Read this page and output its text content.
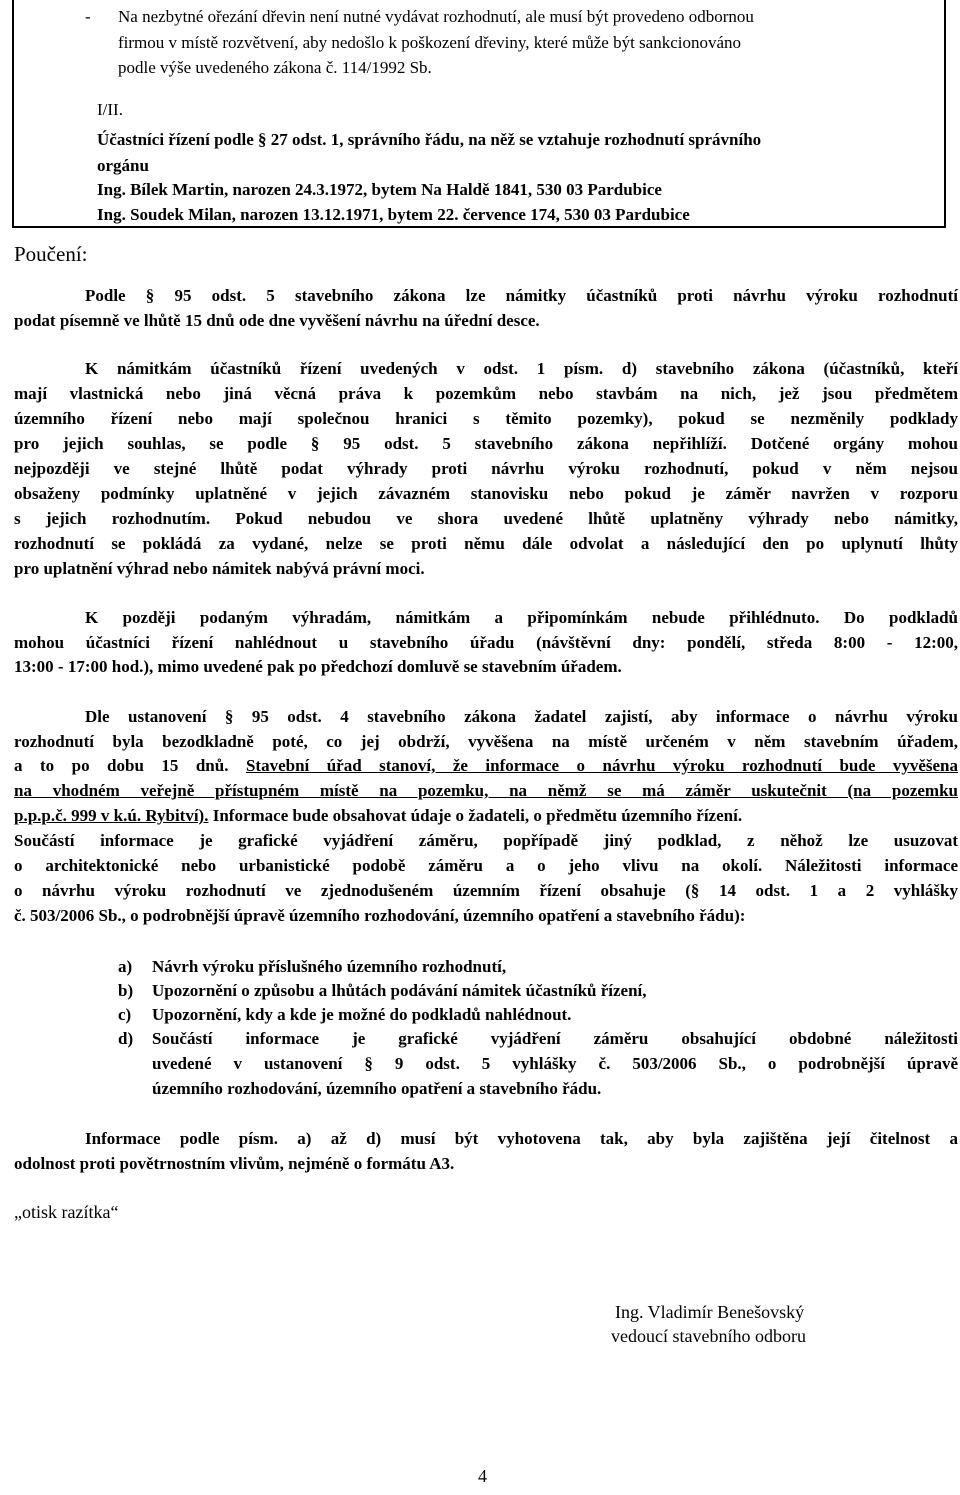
- Na nezbytné ořezání dřevin není nutné vydávat rozhodnutí, ale musí být provedeno odbornou
firmou v místě rozvětvení, aby nedošlo k poškození dřeviny, které může být sankcionováno
podle výše uvedeného zákona č. 114/1992 Sb.
I/II.
Účastníci řízení podle § 27 odst. 1, správního řádu, na něž se vztahuje rozhodnutí správního
orgánu
Ing. Bílek Martin, narozen 24.3.1972, bytem Na Haldě 1841, 530 03 Pardubice
Ing. Soudek Milan, narozen 13.12.1971, bytem 22. července 174, 530 03 Pardubice
Poučení:
Podle § 95 odst. 5 stavebního zákona lze námitky účastníků proti návrhu výroku rozhodnutí
podat písemně ve lhůtě 15 dnů ode dne vyvěšení návrhu na úřední desce.
K námitkám účastníků řízení uvedených v odst. 1 písm. d) stavebního zákona (účastníků, kteří
mají vlastnická nebo jiná věcná práva k pozemkům nebo stavbám na nich, jež jsou předmětem
územního řízení nebo mají společnou hranici s těmito pozemky), pokud se nezměnily podklady
pro jejich souhlas, se podle § 95 odst. 5 stavebního zákona nepřihlíží. Dotčené orgány mohou
nejpozději ve stejné lhůtě podat výhrady proti návrhu výroku rozhodnutí, pokud v něm nejsou
obsaženy podmínky uplatněné v jejich závazném stanovisku nebo pokud je záměr navržen v rozporu
s jejich rozhodnutím. Pokud nebudou ve shora uvedené lhůtě uplatněny výhrady nebo námitky,
rozhodnutí se pokládá za vydané, nelze se proti němu dále odvolat a následující den po uplynutí lhůty
pro uplatnění výhrad nebo námitek nabývá právní moci.
K později podaným výhradám, námitkám a připomínkám nebude přihlédnuto. Do podkladů
mohou účastníci řízení nahlédnout u stavebního úřadu (návštěvní dny: pondělí, středa 8:00 - 12:00,
13:00 - 17:00 hod.), mimo uvedené pak po předchozí domluvě se stavebním úřadem.
Dle ustanovení § 95 odst. 4 stavebního zákona žadatel zajistí, aby informace o návrhu výroku
rozhodnutí byla bezodkladně poté, co jej obdrží, vyvěšena na místě určeném v něm stavebním úřadem,
a to po dobu 15 dnů. Stavební úřad stanoví, že informace o návrhu výroku rozhodnutí bude vyvěšena
na vhodném veřejně přístupném místě na pozemku, na němž se má záměr uskutečnit (na pozemku
p.p.p.č. 999 v k.ú. Rybitví). Informace bude obsahovat údaje o žadateli, o předmětu územního řízení.
Součástí informace je grafické vyjádření záměru, popřípadě jiný podklad, z něhož lze usuzovat
o architektonické nebo urbanistické podobě záměru a o jeho vlivu na okolí. Náležitosti informace
o návrhu výroku rozhodnutí ve zjednodušeném územním řízení obsahuje (§ 14 odst. 1 a 2 vyhlášky
č. 503/2006 Sb., o podrobnější úpravě územního rozhodování, územního opatření a stavebního řádu):
a) Návrh výroku příslušného územního rozhodnutí,
b) Upozornění o způsobu a lhůtách podávání námitek účastníků řízení,
c) Upozornění, kdy a kde je možné do podkladů nahlédnout.
d) Součástí informace je grafické vyjádření záměru obsahující obdobné náležitosti
uvedené v ustanovení § 9 odst. 5 vyhlášky č. 503/2006 Sb., o podrobnější úpravě
územního rozhodování, územního opatření a stavebního řádu.
Informace podle písm. a) až d) musí být vyhotovena tak, aby byla zajištěna její čitelnost a
odolnost proti povětrnostním vlivům, nejméně o formátu A3.
„otisk razítka“
Ing. Vladimír Benešovský
vedoucí stavebního odboru
4
